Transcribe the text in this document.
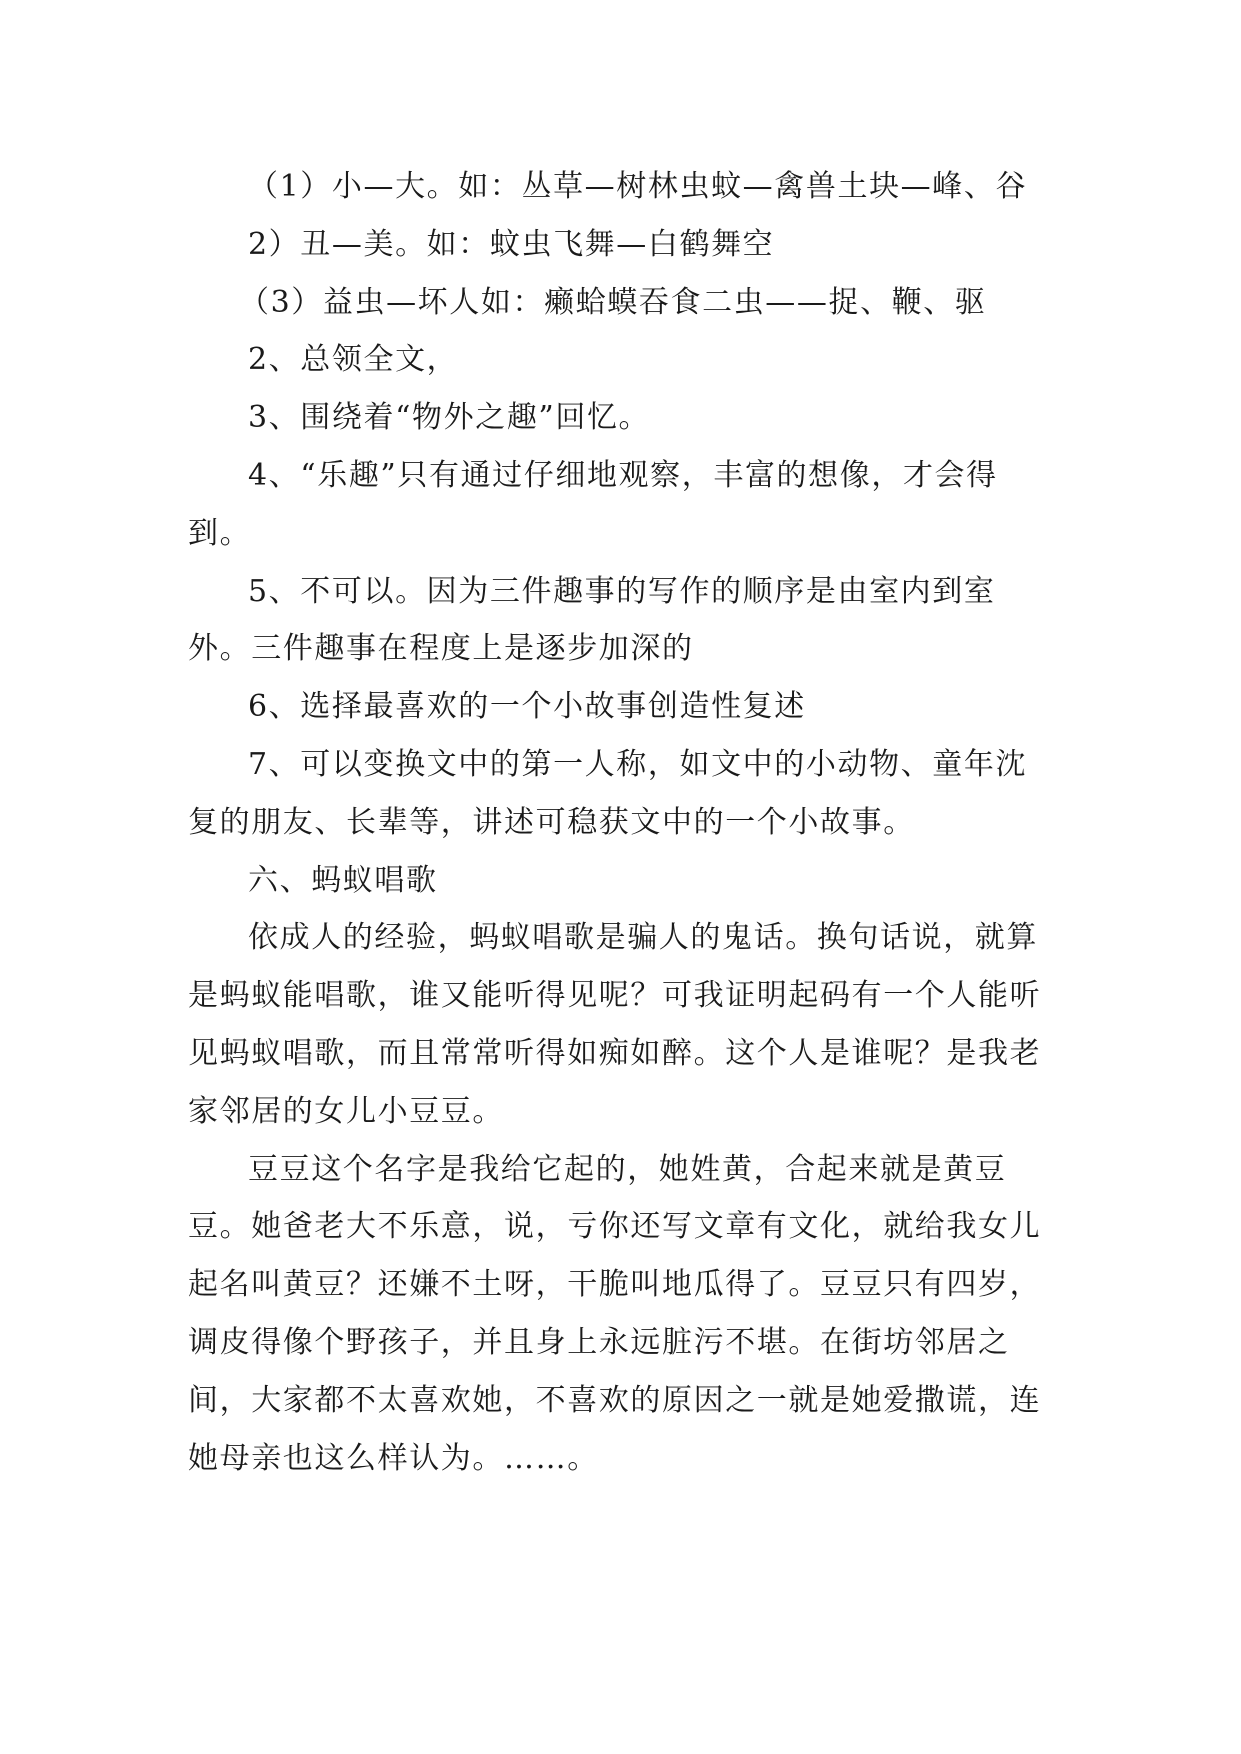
（1）小—大。如：丛草—树林虫蚊—禽兽土块—峰、谷

2）丑—美。如：蚊虫飞舞—白鹤舞空

（3）益虫—坏人如：癞蛤蟆吞食二虫——捉、鞭、驱

2、总领全文，

3、围绕着“物外之趣”回忆。

4、“乐趣”只有通过仔细地观察，丰富的想像，才会得到。

5、不可以。因为三件趣事的写作的顺序是由室内到室外。三件趣事在程度上是逐步加深的

6、选择最喜欢的一个小故事创造性复述

7、可以变换文中的第一人称，如文中的小动物、童年沈复的朋友、长辈等，讲述可稳获文中的一个小故事。

六、蚂蚁唱歌

依成人的经验，蚂蚁唱歌是骗人的鬼话。换句话说，就算是蚂蚁能唱歌，谁又能听得见呢？可我证明起码有一个人能听见蚂蚁唱歌，而且常常听得如痴如醉。这个人是谁呢？是我老家邻居的女儿小豆豆。

豆豆这个名字是我给它起的，她姓黄，合起来就是黄豆豆。她爸老大不乐意，说，亏你还写文章有文化，就给我女儿起名叫黄豆？还嫌不土呀，干脆叫地瓜得了。豆豆只有四岁，调皮得像个野孩子，并且身上永远脏污不堪。在街坊邻居之间，大家都不太喜欢她，不喜欢的原因之一就是她爱撒谎，连她母亲也这么样认为。……。
